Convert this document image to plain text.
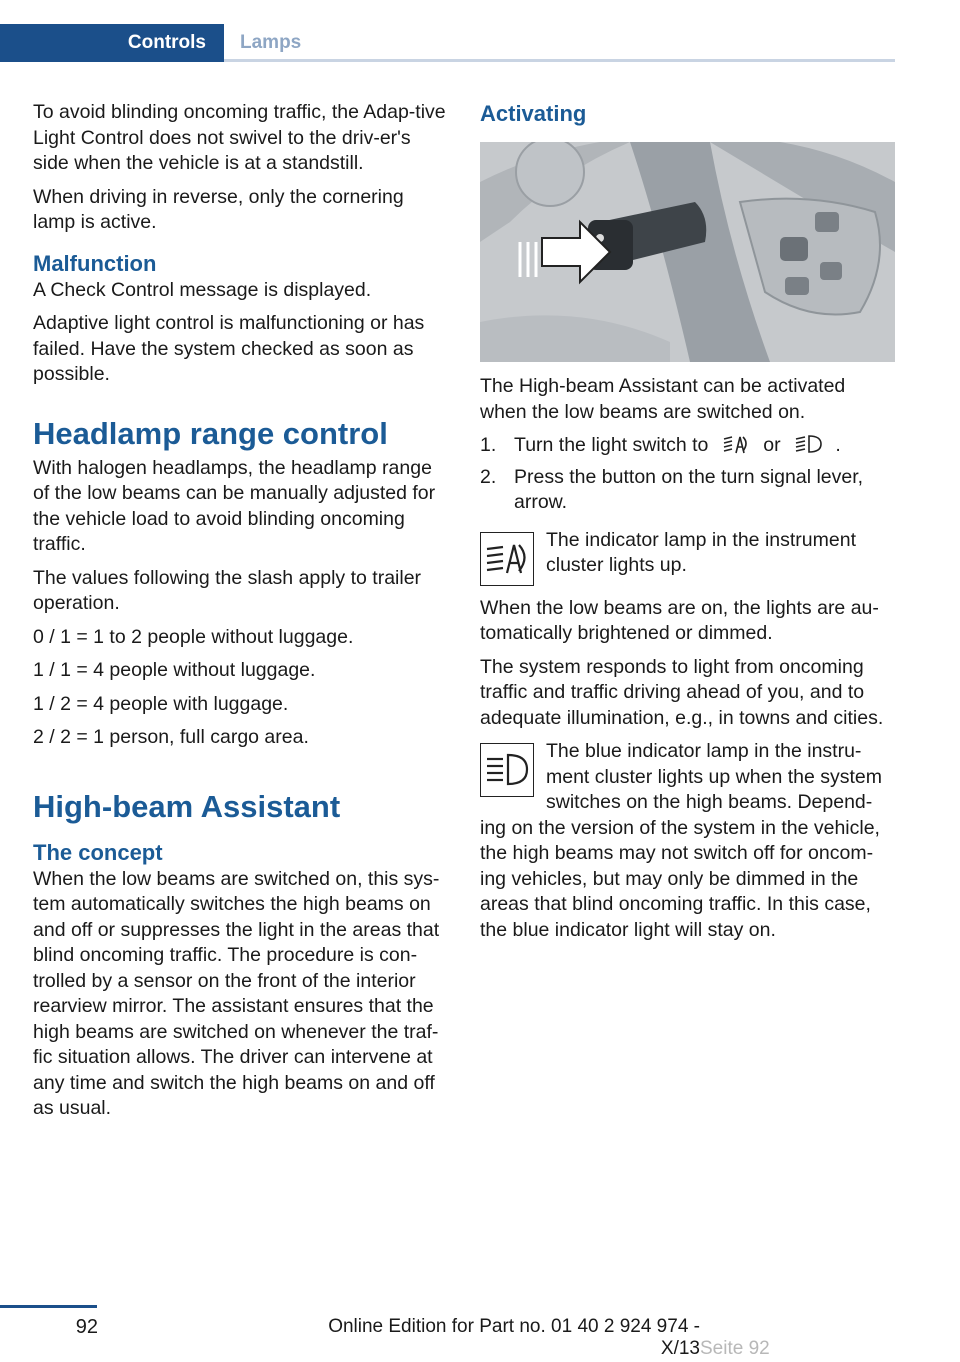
Controls Lamps

To avoid blinding oncoming traffic, the Adap‐tive Light Control does not swivel to the driv‐er's side when the vehicle is at a standstill.

When driving in reverse, only the cornering lamp is active.

Malfunction

A Check Control message is displayed.

Adaptive light control is malfunctioning or has failed. Have the system checked as soon as possible.

Headlamp range control

With halogen headlamps, the headlamp range of the low beams can be manually adjusted for the vehicle load to avoid blinding oncoming traffic.

The values following the slash apply to trailer operation.

0 / 1 = 1 to 2 people without luggage.

1 / 1 = 4 people without luggage.

1 / 2 = 4 people with luggage.

2 / 2 = 1 person, full cargo area.

High-beam Assistant
The concept

When the low beams are switched on, this sys‐tem automatically switches the high beams on and off or suppresses the light in the areas that blind oncoming traffic. The procedure is con‐trolled by a sensor on the front of the interior rearview mirror. The assistant ensures that the high beams are switched on whenever the traf‐fic situation allows. The driver can intervene at any time and switch the high beams on and off as usual.

Activating

The High-beam Assistant can be activated when the low beams are switched on.

1. Turn the light switch to	or	.
2. Press the button on the turn signal lever, arrow.

The indicator lamp in the instrument cluster lights up.

When the low beams are on, the lights are au‐tomatically brightened or dimmed.

The system responds to light from oncoming traffic and traffic driving ahead of you, and to adequate illumination, e.g., in towns and cities.

The blue indicator lamp in the instru‐ment cluster lights up when the system switches on the high beams. Depend‐ing on the version of the system in the vehicle, the high beams may not switch off for oncom‐ing vehicles, but may only be dimmed in the areas that blind oncoming traffic. In this case, the blue indicator light will stay on.

92	Online Edition for Part no. 01 40 2 924 974 - X/13 Seite 92
